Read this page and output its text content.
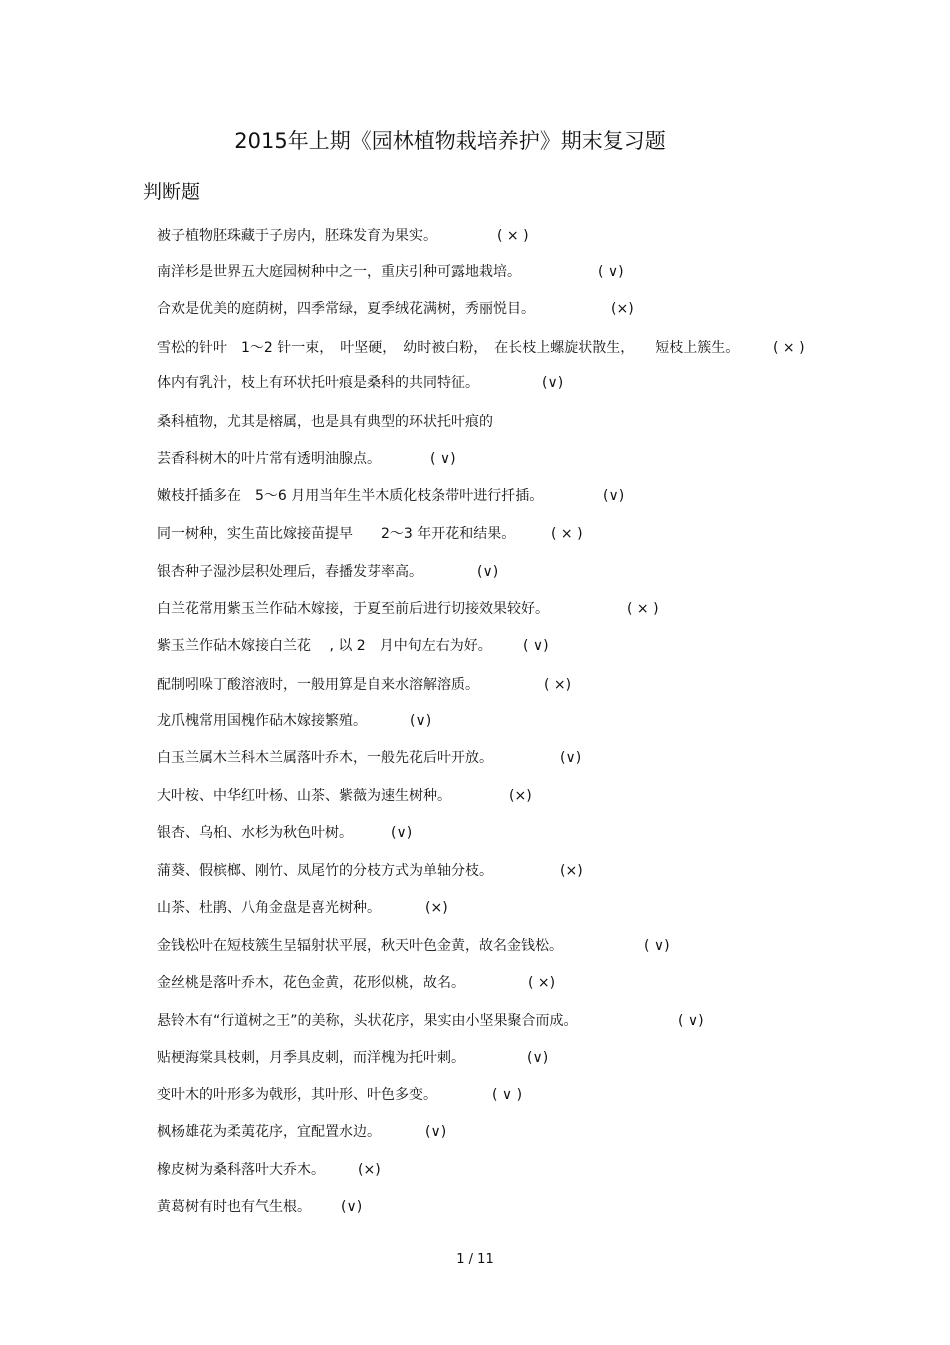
2015年上期《园林植物栽培养护》期末复习题
判断题
被子植物胚珠藏于子房内，胚珠发育为果实。	( × )
南洋杉是世界五大庭园树种中之一，重庆引种可露地栽培。	( ∨)
合欢是优美的庭荫树，四季常绿，夏季绒花满树，秀丽悦目。	(×)
雪松的针叶　1～2 针一束，　叶坚硬，　幼时被白粉，　在长枝上螺旋状散生，　　短枝上簇生。 ( × )
体内有乳汁，枝上有环状托叶痕是桑科的共同特征。	(∨)
桑科植物，尤其是榕属，也是具有典型的环状托叶痕的
芸香科树木的叶片常有透明油腺点。	( ∨)
嫩枝扦插多在　5～6 月用当年生半木质化枝条带叶进行扦插。	(∨)
同一树种，实生苗比嫁接苗提早　　2～3 年开花和结果。	( × )
银杏种子湿沙层积处理后，春播发芽率高。	(∨)
白兰花常用紫玉兰作砧木嫁接，于夏至前后进行切接效果较好。	( × )
紫玉兰作砧木嫁接白兰花　 , 以 2　月中旬左右为好。 ( ∨)
配制吲哚丁酸溶液时，一般用算是自来水溶解溶质。	( ×)
龙爪槐常用国槐作砧木嫁接繁殖。	(∨)
白玉兰属木兰科木兰属落叶乔木，一般先花后叶开放。	(∨)
大叶桉、中华红叶杨、山茶、紫薇为速生树种。	(×)
银杏、乌桕、水杉为秋色叶树。	(∨)
蒲葵、假槟榔、刚竹、凤尾竹的分枝方式为单轴分枝。	(×)
山茶、杜鹃、八角金盘是喜光树种。	(×)
金钱松叶在短枝簇生呈辐射状平展，秋天叶色金黄，故名金钱松。	( ∨)
金丝桃是落叶乔木，花色金黄，花形似桃，故名。	( ×)
悬铃木有“行道树之王”的美称，头状花序，果实由小坚果聚合而成。	( ∨)
贴梗海棠具枝刺，月季具皮刺，而洋槐为托叶刺。	(∨)
变叶木的叶形多为戟形，其叶形、叶色多变。	( ∨ )
枫杨雄花为柔荑花序，宜配置水边。	(∨)
橡皮树为桑科落叶大乔木。 (×)
黄葛树有时也有气生根。 (∨)
1 / 11
